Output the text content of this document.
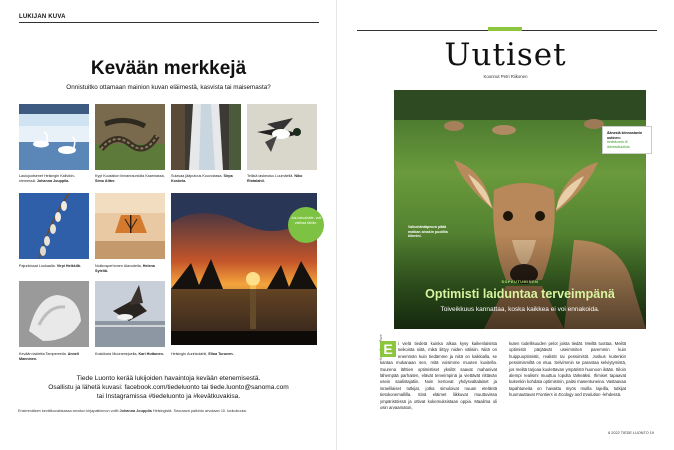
LUKIJAN KUVA
Kevään merkkejä
Onnistuitko ottamaan mainion kuvan eläimestä, kasvista tai maisemasta?
Laulujoutsenet Helsingin Kallvikin-niemessä. Johanna Jouppila.
Kyyt Kuusiston linnanrauniolla Kaarinassa, Simo Altter.
Sulavaa jääputous Kouvolassa. Sirpa Koskela.
Telkkä laskeutuu Luumäellä. Niko Rintalahti.
Pajunkissat Loukaalla. Virpi Heikkilä.	Nokkosperhonen Alavudella, Helena Syteliä.
Jos haluaisitte, voit vaihtaa tähän.
Kevään taidetta Tampereella. Anneli Manninen.
Koskikara Muuramejoella, Kari Huttunen.	Helsingin Aurinkolahti, Elina Turunen.
Tiede Luonto kerää lukijoiden havaintoja kevään etenemisestä.
Osallistu ja lähetä kuvasi: facebook.com/tiedeluonto tai tiede.luonto@sanoma.com
tai Instagramissa #tiedeluonto ja #kevätkuvakisa.
Ensimmäisen kevätkuvakisassa arvotun kirjapalkinnon voitti Johanna Jouppila Helsingistä. Seuraava palkinto arvotaan 10. toukokuuta.
Uutiset
Koonnut Petri Riikonen
Äänestä kiinnostavin uutinen:
tiedeluonto.fi/ äänestäuutisia
Valkohäntäpeura pitää matkan ainakin puolilta kiinnini.
SOPEUTUMINEN
Optimisti laiduntaa terveimpänä
Toiveikkuus kannattaa, koska kaikkea ei voi ennakoida.
E	i vielä tiedetä kuinka alkaa kysy kaikenlaisista seikoista siitä, mikä liittyy niiden välisiin. Niitä on enemmän kuin tiedämme ja niitä on kaikkialla, se kantaa mukanaan sen, mitä voisimme muuten kuvitella. Suurena lähtien optimistiset yksilöt saavat mahanivat lähempää parhaiten, elävät terveimpinä ja viettävät riittävän usein saalistajatiin. Noin kertovat yhdysvaltalaiset ja israelilaiset tutkijat, jotka simuloivat nuuan eteläntä tietokonemallilla. Sinä eläimet liikkuvat muuttuvissa ympäristöissä ja ottivat kokemuksistaan oppia. Maailma oli osin arvaamaton,
kuten todellisuuden pelot joista tiedät. Meiltä tuottaa. Meiltä optimistit pärjäävät useimmiten paremmin kuin huippuoptimistit, realistit tai pessimistit. Joskus kuitenkin pessimismiltä on etua. Selvimmin se parantaa selviytymistä, jos meiltä tarjoaa kuolettavan ympäristö huonoon ikään. Siloin alempi realismi muuttuu lopulta tärkeäksi. Ihmiset tapaavat kuitenkin kohdata optimismin, paitsi masentuneina. Vastaavaa tapahtuneita on havaittu myös muilla lajeilla, tutkijat huomauttavat Frontiers in Ecology and Evolution -lehdessä.
6 2022 TIEDE LUONTO 19
